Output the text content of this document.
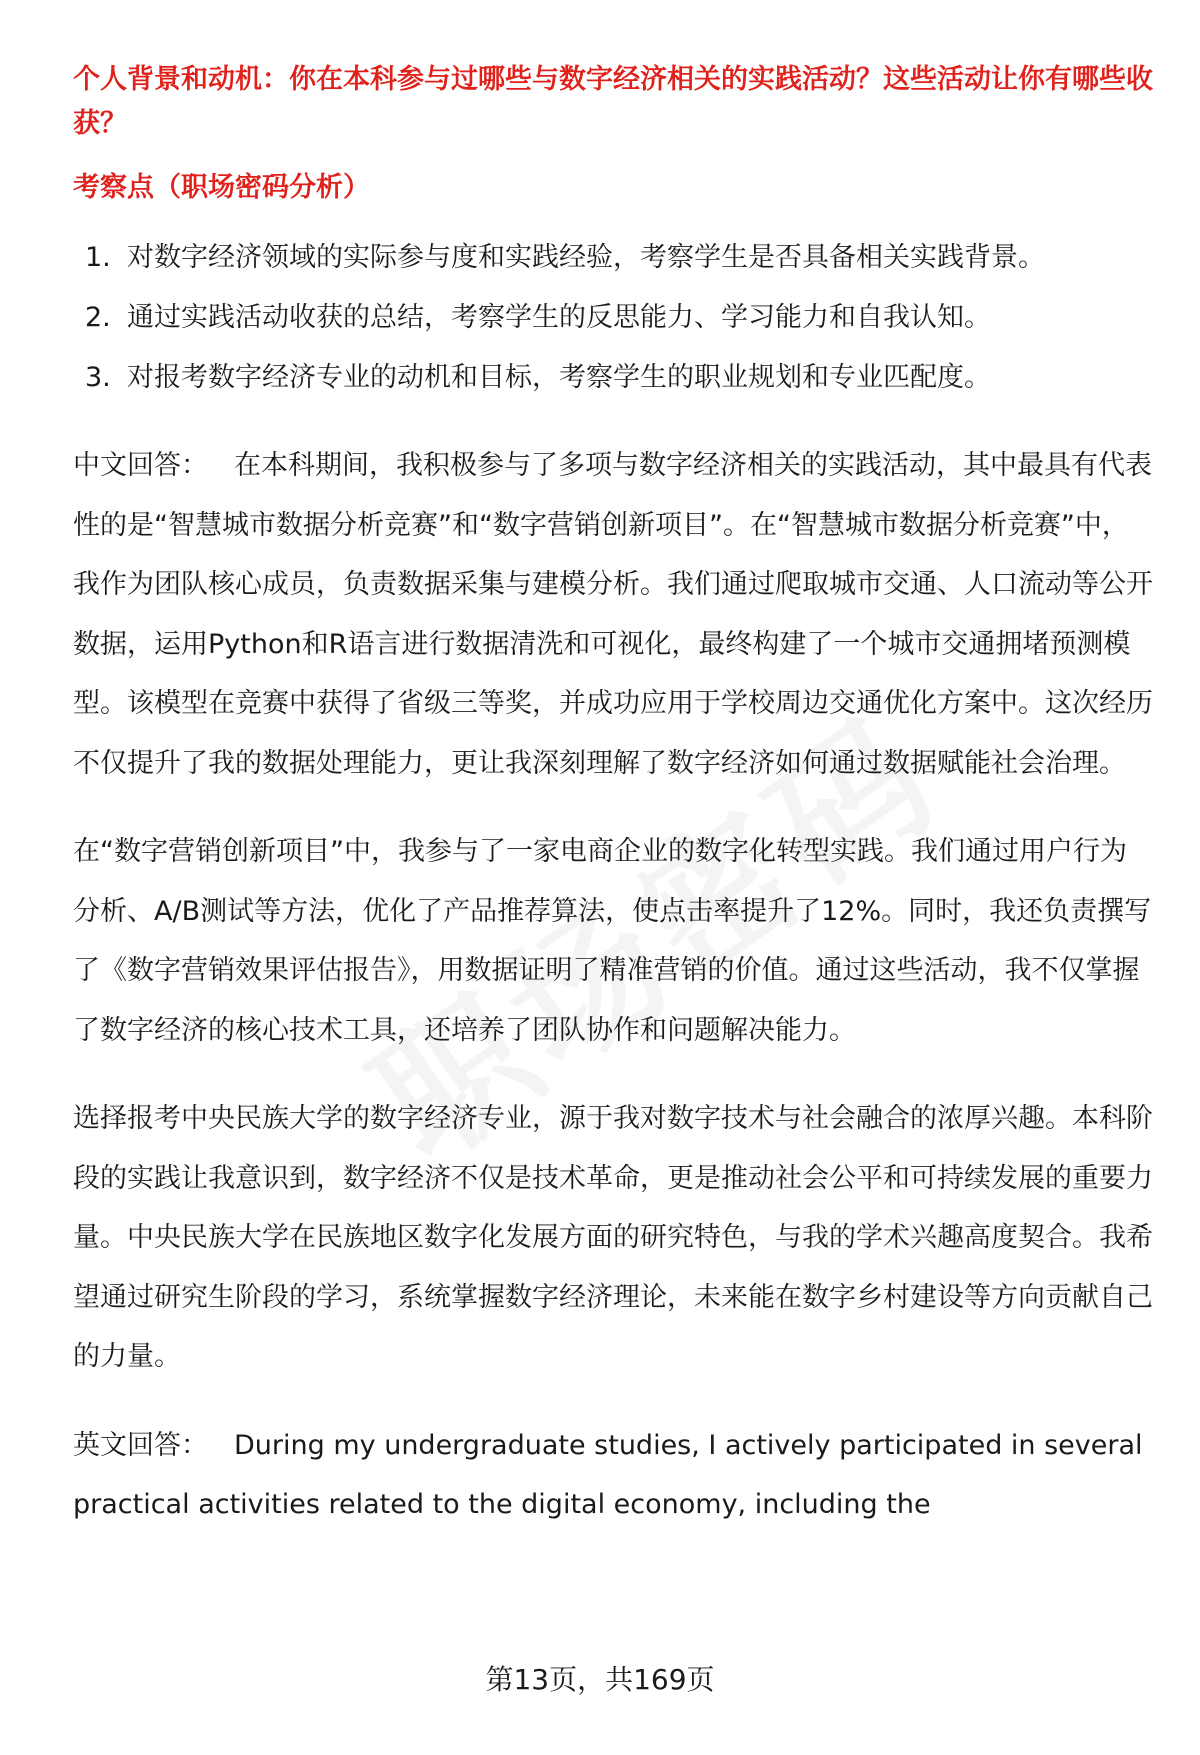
个人背景和动机：你在本科参与过哪些与数字经济相关的实践活动？这些活动让你有哪些收获？

考察点（职场密码分析）

1. 对数字经济领域的实际参与度和实践经验，考察学生是否具备相关实践背景。
2. 通过实践活动收获的总结，考察学生的反思能力、学习能力和自我认知。
3. 对报考数字经济专业的动机和目标，考察学生的职业规划和专业匹配度。

中文回答： 在本科期间，我积极参与了多项与数字经济相关的实践活动，其中最具有代表性的是“智慧城市数据分析竞赛”和“数字营销创新项目”。在“智慧城市数据分析竞赛”中，我作为团队核心成员，负责数据采集与建模分析。我们通过爬取城市交通、人口流动等公开数据，运用Python和R语言进行数据清洗和可视化，最终构建了一个城市交通拥堵预测模型。该模型在竞赛中获得了省级三等奖，并成功应用于学校周边交通优化方案中。这次经历不仅提升了我的数据处理能力，更让我深刻理解了数字经济如何通过数据赋能社会治理。

在“数字营销创新项目”中，我参与了一家电商企业的数字化转型实践。我们通过用户行为分析、A/B测试等方法，优化了产品推荐算法，使点击率提升了12%。同时，我还负责撰写了《数字营销效果评估报告》，用数据证明了精准营销的价值。通过这些活动，我不仅掌握了数字经济的核心技术工具，还培养了团队协作和问题解决能力。

选择报考中央民族大学的数字经济专业，源于我对数字技术与社会融合的浓厚兴趣。本科阶段的实践让我意识到，数字经济不仅是技术革命，更是推动社会公平和可持续发展的重要力量。中央民族大学在民族地区数字化发展方面的研究特色，与我的学术兴趣高度契合。我希望通过研究生阶段的学习，系统掌握数字经济理论，未来能在数字乡村建设等方向贡献自己的力量。

英文回答： During my undergraduate studies, I actively participated in several practical activities related to the digital economy, including the

第13页，共169页
